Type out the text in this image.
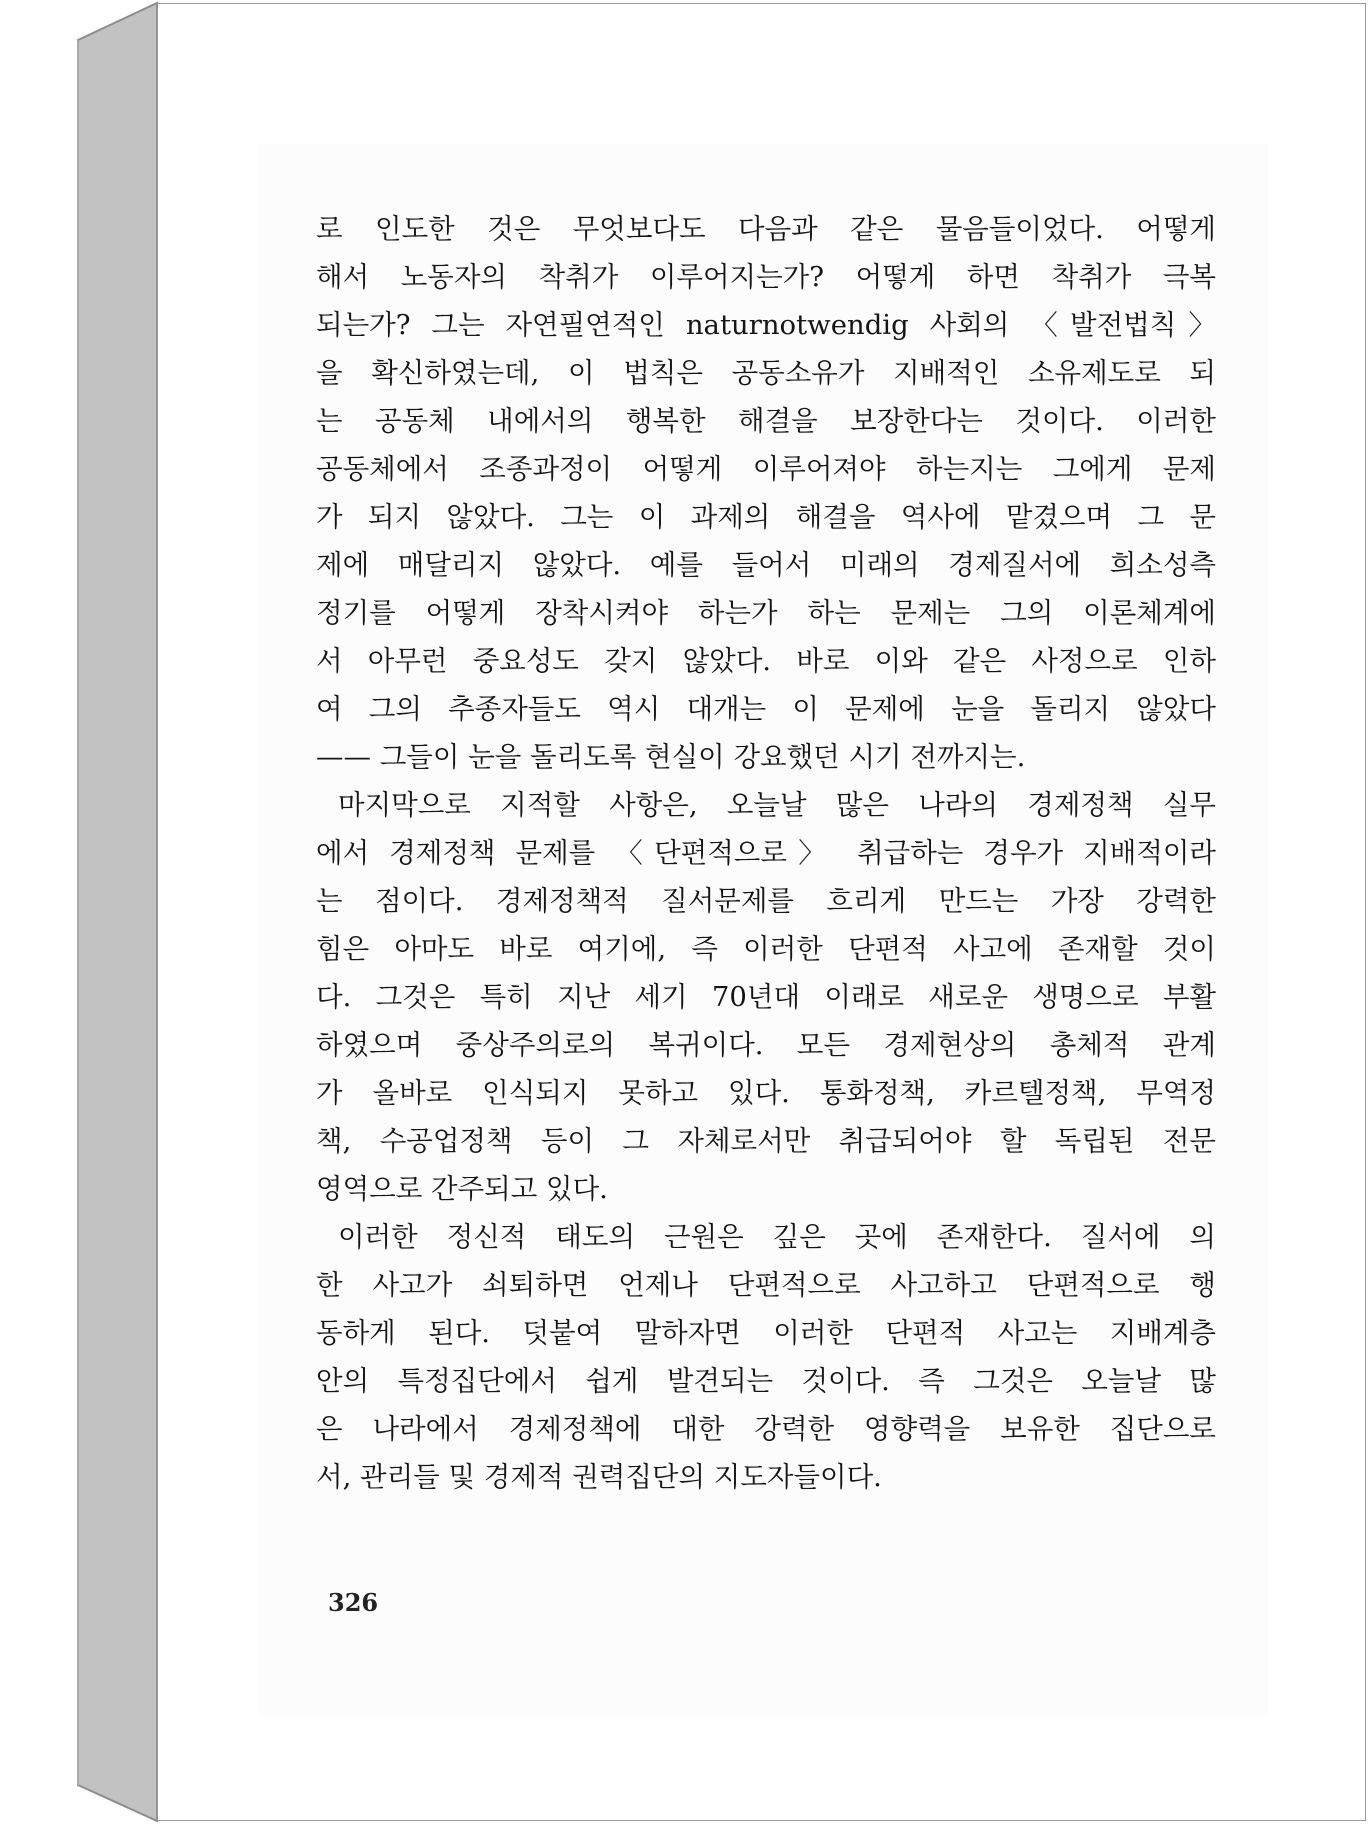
로 인도한 것은 무엇보다도 다음과 같은 물음들이었다. 어떻게
해서 노동자의 착취가 이루어지는가? 어떻게 하면 착취가 극복
되는가? 그는 자연필연적인 naturnotwendig 사회의 〈발전법칙〉
을 확신하였는데, 이 법칙은 공동소유가 지배적인 소유제도로 되
는 공동체 내에서의 행복한 해결을 보장한다는 것이다. 이러한
공동체에서 조종과정이 어떻게 이루어져야 하는지는 그에게 문제
가 되지 않았다. 그는 이 과제의 해결을 역사에 맡겼으며 그 문
제에 매달리지 않았다. 예를 들어서 미래의 경제질서에 희소성측
정기를 어떻게 장착시켜야 하는가 하는 문제는 그의 이론체계에
서 아무런 중요성도 갖지 않았다. 바로 이와 같은 사정으로 인하
여 그의 추종자들도 역시 대개는 이 문제에 눈을 돌리지 않았다
—— 그들이 눈을 돌리도록 현실이 강요했던 시기 전까지는.
마지막으로 지적할 사항은, 오늘날 많은 나라의 경제정책 실무
에서 경제정책 문제를 〈단편적으로〉 취급하는 경우가 지배적이라
는 점이다. 경제정책적 질서문제를 흐리게 만드는 가장 강력한
힘은 아마도 바로 여기에, 즉 이러한 단편적 사고에 존재할 것이
다. 그것은 특히 지난 세기 70년대 이래로 새로운 생명으로 부활
하였으며 중상주의로의 복귀이다. 모든 경제현상의 총체적 관계
가 올바로 인식되지 못하고 있다. 통화정책, 카르텔정책, 무역정
책, 수공업정책 등이 그 자체로서만 취급되어야 할 독립된 전문
영역으로 간주되고 있다.
이러한 정신적 태도의 근원은 깊은 곳에 존재한다. 질서에 의
한 사고가 쇠퇴하면 언제나 단편적으로 사고하고 단편적으로 행
동하게 된다. 덧붙여 말하자면 이러한 단편적 사고는 지배계층
안의 특정집단에서 쉽게 발견되는 것이다. 즉 그것은 오늘날 많
은 나라에서 경제정책에 대한 강력한 영향력을 보유한 집단으로
서, 관리들 및 경제적 권력집단의 지도자들이다.
326
